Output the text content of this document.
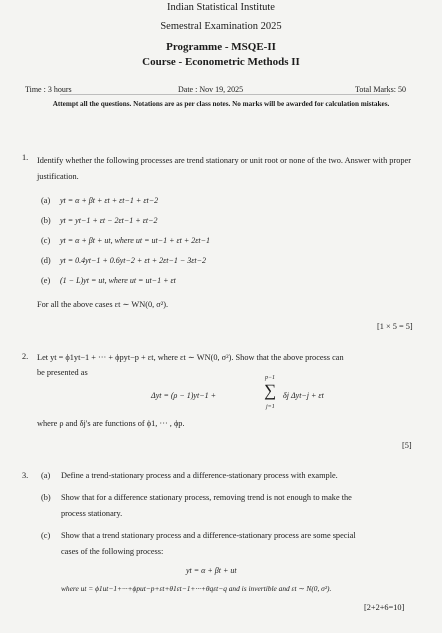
Indian Statistical Institute
Semestral Examination 2025
Programme - MSQE-II
Course - Econometric Methods II
Time : 3 hours	Date : Nov 19, 2025	Total Marks: 50
Attempt all the questions. Notations are as per class notes. No marks will be awarded for calculation mistakes.
1. Identify whether the following processes are trend stationary or unit root or none of the two. Answer with proper justification.
(a) yt = α + βt + εt + εt−1 + εt−2
(b) yt = yt−1 + εt − 2εt−1 + εt−2
(c) yt = α + βt + ut, where ut = ut−1 + εt + 2εt−1
(d) yt = 0.4yt−1 + 0.6yt−2 + εt + 2εt−1 − 3εt−2
(e) (1 − L)yt = ut, where ut = ut−1 + εt
For all the above cases εt ∼ WN(0, σ²).
[1 × 5 = 5]
2. Let yt = ϕ1yt−1 + ··· + ϕpyt−p + εt, where εt ∼ WN(0, σ²). Show that the above process can
be presented as
Δyt = (ρ − 1)yt−1 +
p−1
∑
j=1
δj Δyt−j + εt
where ρ and δj's are functions of ϕ1, ··· , ϕp.
[5]
3. (a) Define a trend-stationary process and a difference-stationary process with example.
(b) Show that for a difference stationary process, removing trend is not enough to make the
process stationary.
(c) Show that a trend stationary process and a difference-stationary process are some special
cases of the following process:
yt = α + βt + ut
where ut = ϕ1ut−1+···+ϕput−p+εt+θ1εt−1+···+θqεt−q and is invertible and εt ∼ N(0, σ²).
[2+2+6=10]
